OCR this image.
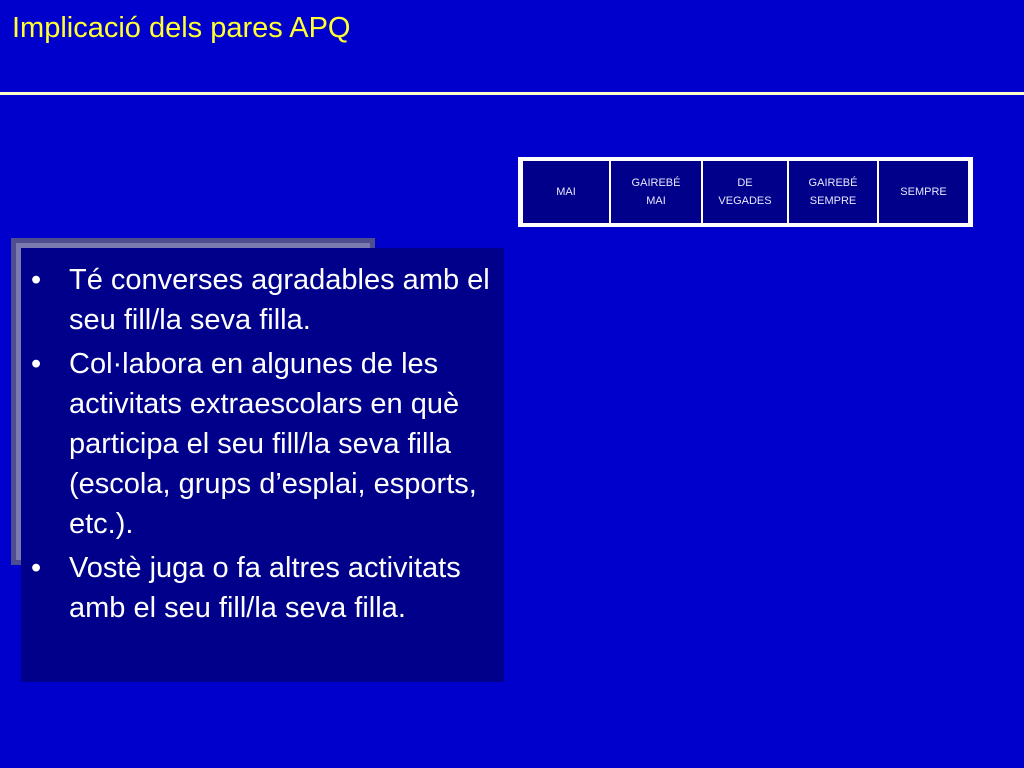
Implicació dels pares APQ
MAI
GAIREBÉ
MAI
DE
VEGADES
GAIREBÉ
SEMPRE
SEMPRE
• Té converses agradables amb el seu fill/la seva filla.
• Col·labora en algunes de les activitats extraescolars en què participa el seu fill/la seva filla (escola, grups d’esplai, esports, etc.).
• Vostè juga o fa altres activitats amb el seu fill/la seva filla.
